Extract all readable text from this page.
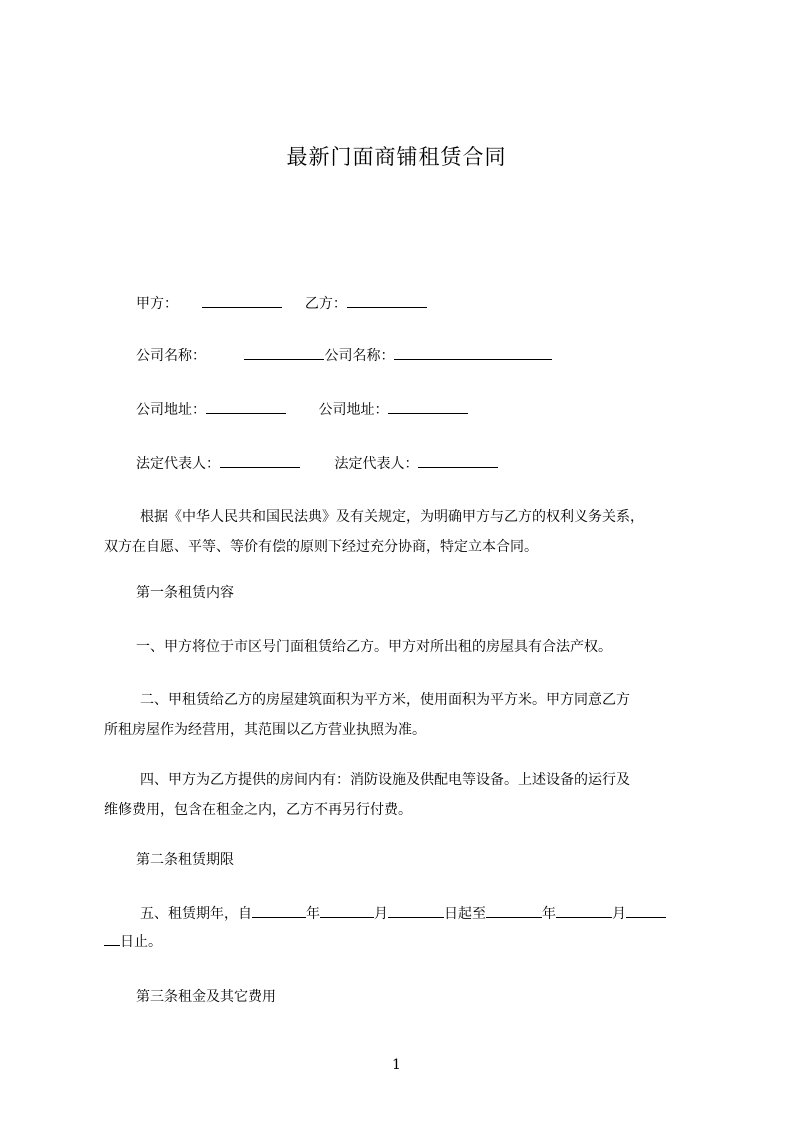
最新门面商铺租赁合同
甲方：	乙方：
公司名称：	公司名称：
公司地址：	公司地址：
法定代表人：	法定代表人：
根据《中华人民共和国民法典》及有关规定，为明确甲方与乙方的权利义务关系，
双方在自愿、平等、等价有偿的原则下经过充分协商，特定立本合同。
第一条租赁内容
一、甲方将位于市区号门面租赁给乙方。甲方对所出租的房屋具有合法产权。
二、甲租赁给乙方的房屋建筑面积为平方米，使用面积为平方米。甲方同意乙方
所租房屋作为经营用，其范围以乙方营业执照为准。
四、甲方为乙方提供的房间内有：消防设施及供配电等设备。上述设备的运行及
维修费用，包含在租金之内，乙方不再另行付费。
第二条租赁期限
五、租赁期年，自	年	月	日起至	年	月
日止。
第三条租金及其它费用
1
